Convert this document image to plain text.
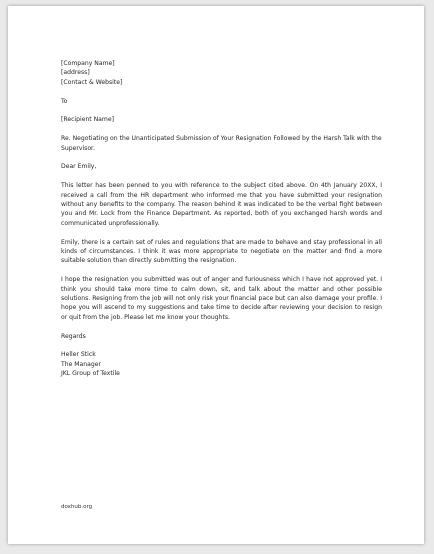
[Company Name]
[address]
[Contact & Website]

To

[Recipient Name]

Re. Negotiating on the Unanticipated Submission of Your Resignation Followed by the Harsh Talk with the Supervisor.

Dear Emily,

This letter has been penned to you with reference to the subject cited above. On 4th January 20XX, I received a call from the HR department who informed me that you have submitted your resignation without any benefits to the company. The reason behind it was indicated to be the verbal fight between you and Mr. Lock from the Finance Department. As reported, both of you exchanged harsh words and communicated unprofessionally.

Emily, there is a certain set of rules and regulations that are made to behave and stay professional in all kinds of circumstances. I think it was more appropriate to negotiate on the matter and find a more suitable solution than directly submitting the resignation.

I hope the resignation you submitted was out of anger and furiousness which I have not approved yet. I think you should take more time to calm down, sit, and talk about the matter and other possible solutions. Resigning from the job will not only risk your financial pace but can also damage your profile. I hope you will ascend to my suggestions and take time to decide after reviewing your decision to resign or quit from the job. Please let me know your thoughts.

Regards

Heller Stick
The Manager
JKL Group of Textile

doxhub.org
